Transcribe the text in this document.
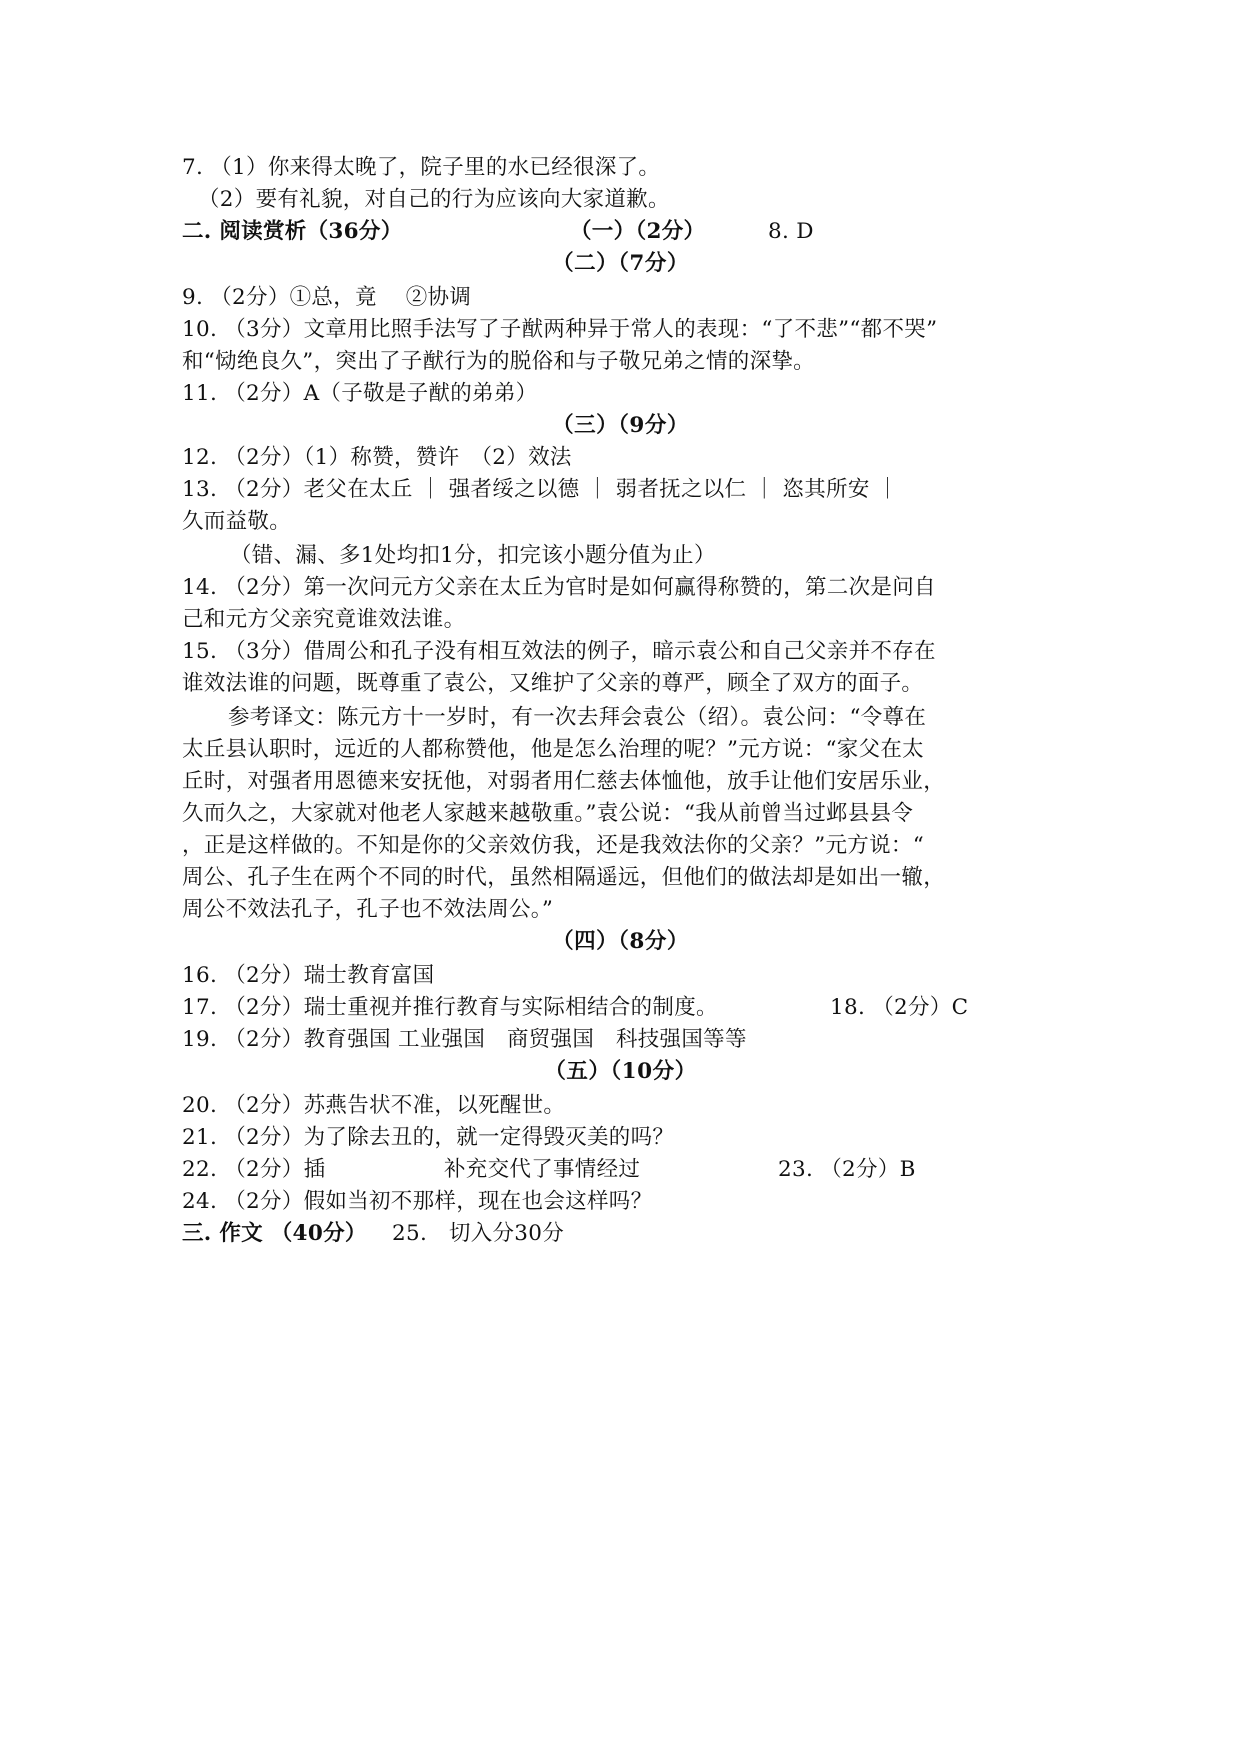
7. （1）你来得太晚了，院子里的水已经很深了。
（2）要有礼貌，对自己的行为应该向大家道歉。
二. 阅读赏析（36分）	（一）（2分）	8. D
（二）（7分）
9. （2分）①总，竟　 ②协调
10. （3分）文章用比照手法写了子猷两种异于常人的表现：“了不悲”“都不哭”
和“恸绝良久”，突出了子猷行为的脱俗和与子敬兄弟之情的深挚。
11. （2分）A（子敬是子猷的弟弟）
（三）（9分）
12. （2分）（1）称赞，赞许　（2）效法
13. （2分）老父在太丘 ｜ 强者绥之以德 ｜ 弱者抚之以仁 ｜ 恣其所安 ｜
久而益敬。
（错、漏、多1处均扣1分，扣完该小题分值为止）
14. （2分）第一次问元方父亲在太丘为官时是如何赢得称赞的，第二次是问自
己和元方父亲究竟谁效法谁。
15. （3分）借周公和孔子没有相互效法的例子，暗示袁公和自己父亲并不存在
谁效法谁的问题，既尊重了袁公，又维护了父亲的尊严，顾全了双方的面子。
参考译文：陈元方十一岁时，有一次去拜会袁公（绍）。袁公问：“令尊在
太丘县认职时，远近的人都称赞他，他是怎么治理的呢？”元方说：“家父在太
丘时，对强者用恩德来安抚他，对弱者用仁慈去体恤他，放手让他们安居乐业，
久而久之，大家就对他老人家越来越敬重。”袁公说：“我从前曾当过邺县县令
，正是这样做的。不知是你的父亲效仿我，还是我效法你的父亲？”元方说：“
周公、孔子生在两个不同的时代，虽然相隔遥远，但他们的做法却是如出一辙，
周公不效法孔子，孔子也不效法周公。”
（四）（8分）
16. （2分）瑞士教育富国
17. （2分）瑞士重视并推行教育与实际相结合的制度。	18. （2分）C
19. （2分）教育强国 工业强国　商贸强国　科技强国等等
（五）（10分）
20. （2分）苏燕告状不准，以死醒世。
21. （2分）为了除去丑的，就一定得毁灭美的吗？
22. （2分）插	补充交代了事情经过	23. （2分）B
24. （2分）假如当初不那样，现在也会这样吗？
三. 作文 （40分） 25.　切入分30分
